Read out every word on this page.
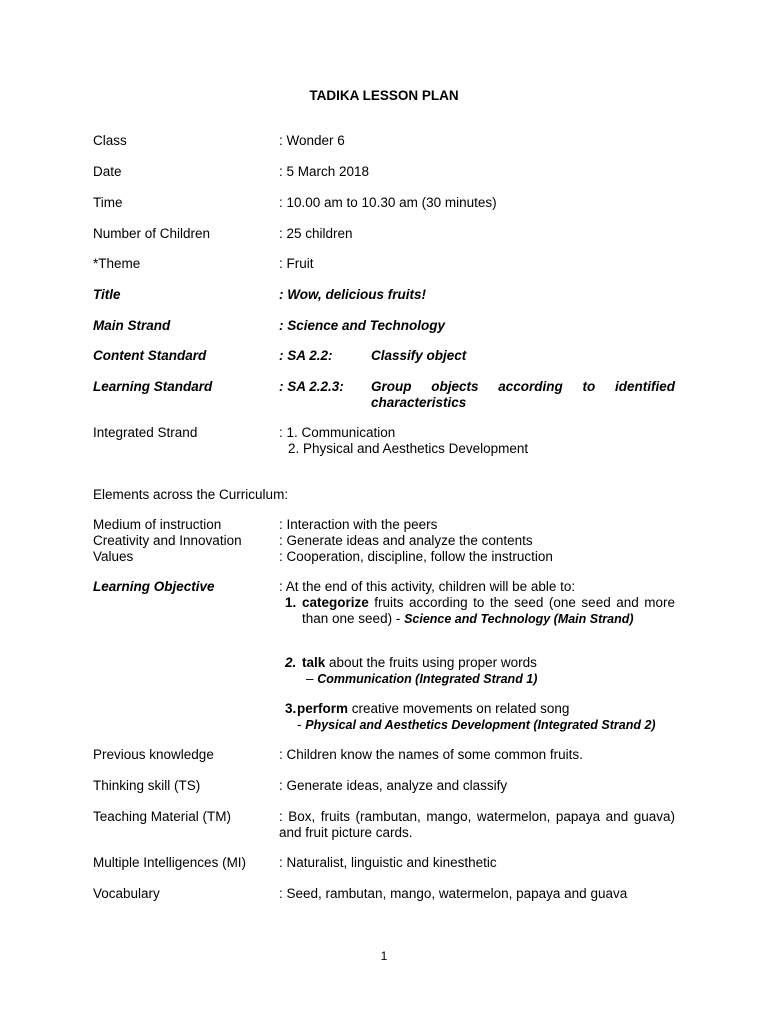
TADIKA LESSON PLAN
Class	: Wonder 6
Date	: 5 March 2018
Time	: 10.00 am to 10.30 am (30 minutes)
Number of Children	: 25 children
*Theme	: Fruit
Title	: Wow, delicious fruits!
Main Strand	: Science and Technology
Content Standard	: SA 2.2:	Classify object
Learning Standard	: SA 2.2.3:	Group objects according to identified characteristics
Integrated Strand	: 1. Communication
2. Physical and Aesthetics Development
Elements across the Curriculum:
Medium of instruction	: Interaction with the peers
Creativity and Innovation	: Generate ideas and analyze the contents
Values	: Cooperation, discipline, follow the instruction
Learning Objective	: At the end of this activity, children will be able to:
1. categorize fruits according to the seed (one seed and more than one seed) - Science and Technology (Main Strand)
2. talk about the fruits using proper words
– Communication (Integrated Strand 1)
3. perform creative movements on related song
- Physical and Aesthetics Development (Integrated Strand 2)
Previous knowledge	: Children know the names of some common fruits.
Thinking skill (TS)	: Generate ideas, analyze and classify
Teaching Material (TM)	: Box, fruits (rambutan, mango, watermelon, papaya and guava) and fruit picture cards.
Multiple Intelligences (MI)	: Naturalist, linguistic and kinesthetic
Vocabulary	: Seed, rambutan, mango, watermelon, papaya and guava
1
